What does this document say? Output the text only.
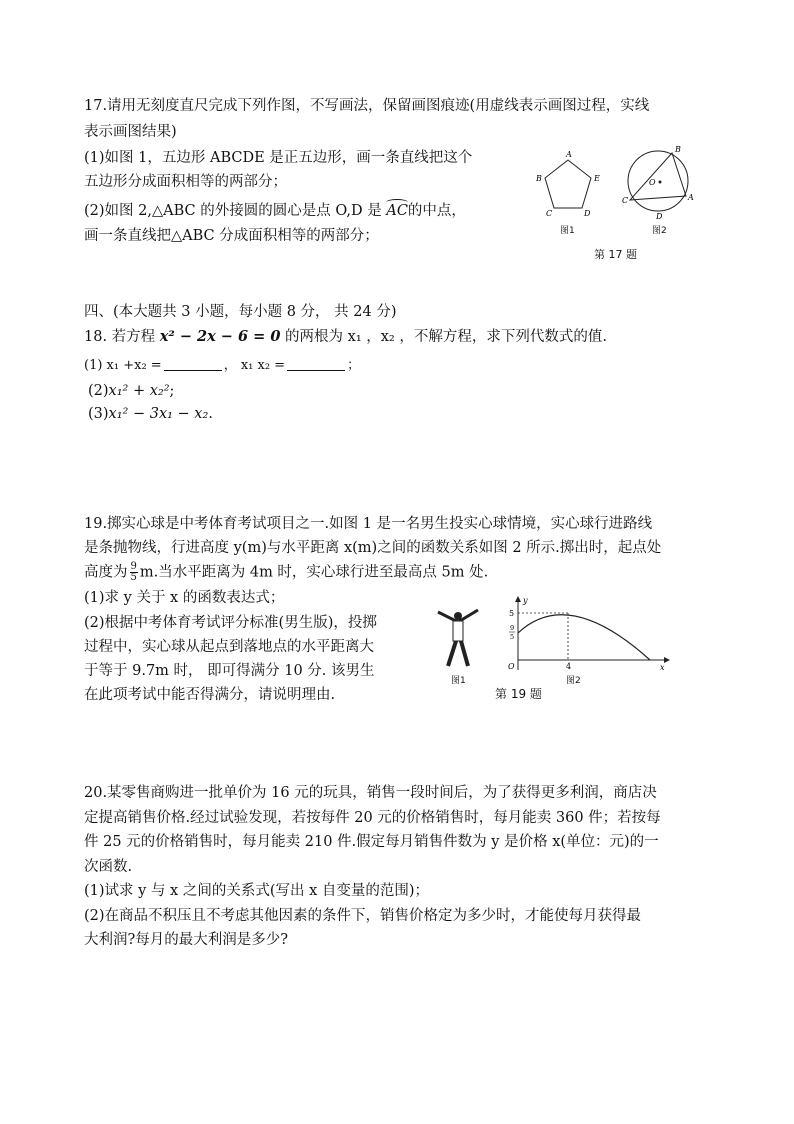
17.请用无刻度直尺完成下列作图，不写画法，保留画图痕迹(用虚线表示画图过程，实线
表示画图结果)
(1)如图 1，五边形 ABCDE 是正五边形，画一条直线把这个
五边形分成面积相等的两部分；
(2)如图 2,△ABC 的外接圆的圆心是点 O,D 是 AC的中点，
画一条直线把△ABC 分成面积相等的两部分；
A
B
C	D
E
图1
B
O
C	A
D
图2
第 17 题
四、(本大题共 3 小题，每小题 8 分， 共 24 分)
18. 若方程 x² − 2x − 6 = 0 的两根为 x₁ ，x₂ ，不解方程，求下列代数式的值.
(1) x₁ +x₂ =	， x₁ x₂ =	；
(2)x₁² + x₂²;
(3)x₁² − 3x₁ − x₂.
19.掷实心球是中考体育考试项目之一.如图 1 是一名男生投实心球情境，实心球行进路线
是条抛物线，行进高度 y(m)与水平距离 x(m)之间的函数关系如图 2 所示.掷出时，起点处
高度为 $\frac{9}{5} m$.当水平距离为 4m 时，实心球行进至最高点 5m 处.
(1)求 y 关于 x 的函数表达式；
(2)根据中考体育考试评分标准(男生版)，投掷
过程中，实心球从起点到落地点的水平距离大
于等于 9.7m 时， 即可得满分 10 分. 该男生
在此项考试中能否得满分，请说明理由.
图1
y
x
O
5
9
5
4
图2
第 19 题
20.某零售商购进一批单价为 16 元的玩具，销售一段时间后，为了获得更多利润，商店决
定提高销售价格.经过试验发现，若按每件 20 元的价格销售时，每月能卖 360 件；若按每
件 25 元的价格销售时，每月能卖 210 件.假定每月销售件数为 y 是价格 x(单位：元)的一
次函数.
(1)试求 y 与 x 之间的关系式(写出 x 自变量的范围)；
(2)在商品不积压且不考虑其他因素的条件下，销售价格定为多少时，才能使每月获得最
大利润?每月的最大利润是多少?
